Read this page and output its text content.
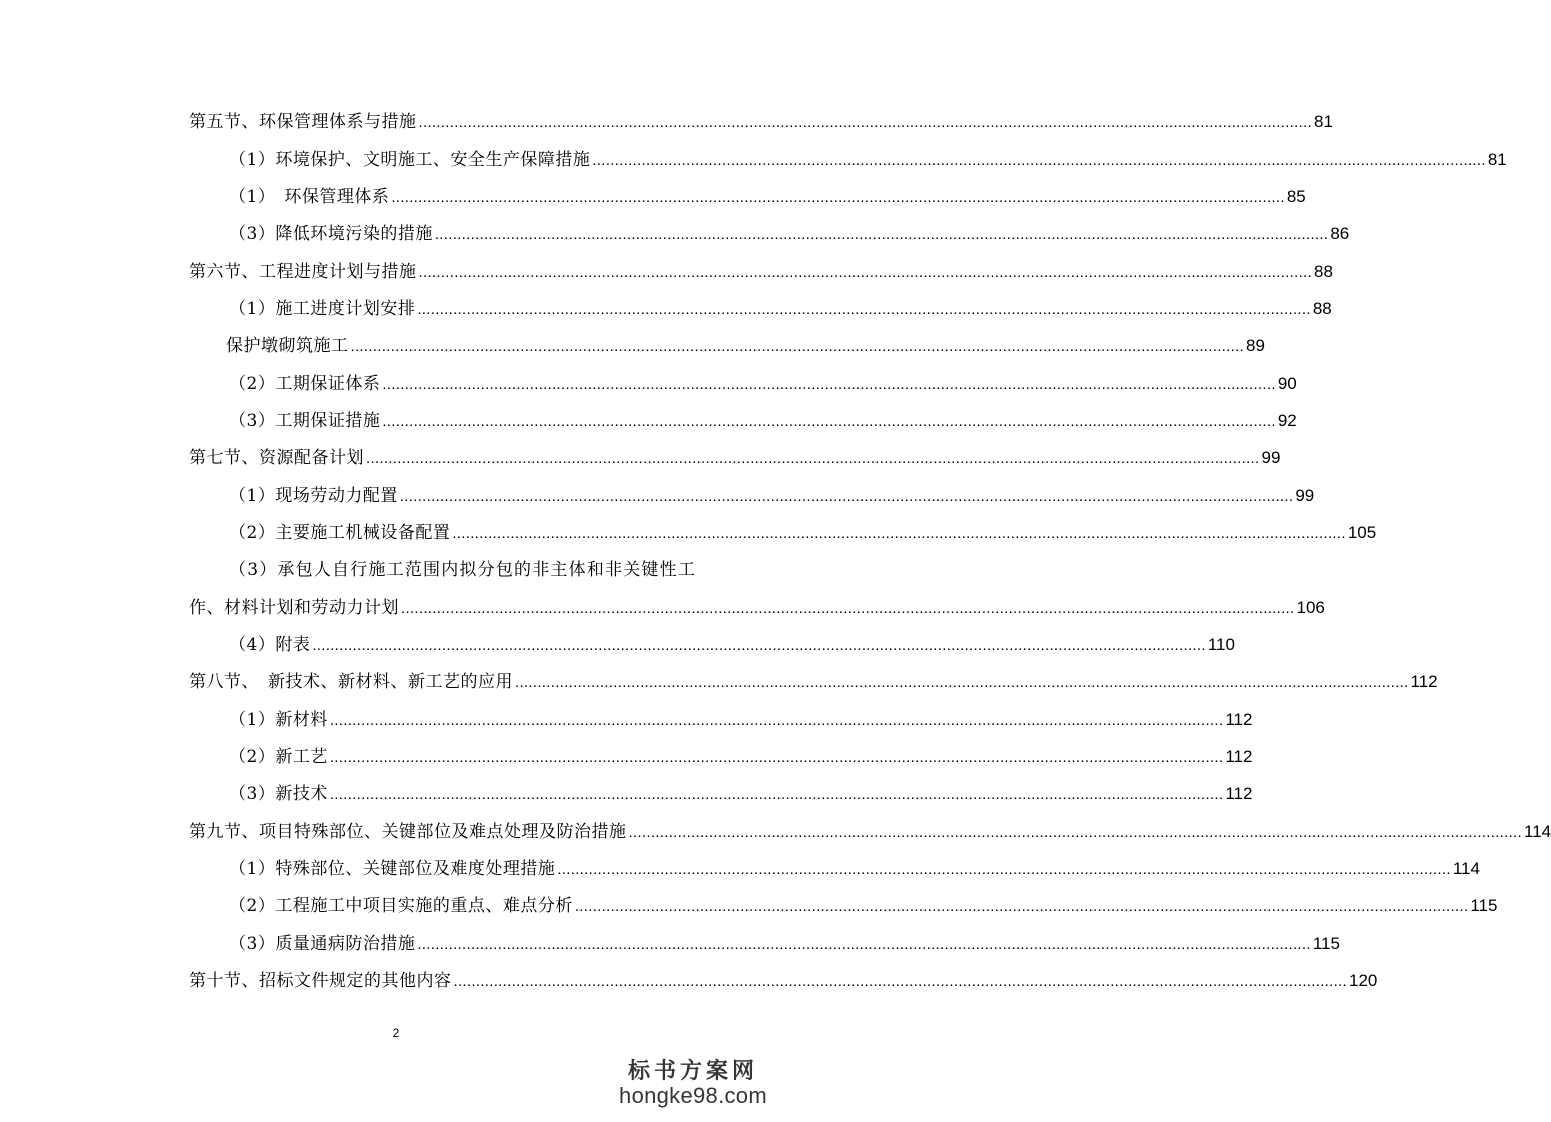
第五节、环保管理体系与措施 ........................................................................................................................................................................................................ 81
（1）环境保护、文明施工、安全生产保障措施 ........................................................................................................................................................................................................ 81
（1）　环保管理体系 ........................................................................................................................................................................................................ 85
（3）降低环境污染的措施 ........................................................................................................................................................................................................ 86
第六节、工程进度计划与措施 ........................................................................................................................................................................................................ 88
（1）施工进度计划安排 ........................................................................................................................................................................................................ 88
保护墩砌筑施工 ........................................................................................................................................................................................................ 89
（2）工期保证体系 ........................................................................................................................................................................................................ 90
（3）工期保证措施 ........................................................................................................................................................................................................ 92
第七节、资源配备计划 ........................................................................................................................................................................................................ 99
（1）现场劳动力配置 ........................................................................................................................................................................................................ 99
（2）主要施工机械设备配置 ........................................................................................................................................................................................................ 105
（3）承包人自行施工范围内拟分包的非主体和非关键性工
作、材料计划和劳动力计划 ........................................................................................................................................................................................................ 106
（4）附表 ........................................................................................................................................................................................................ 110
第八节、　新技术、新材料、新工艺的应用 ........................................................................................................................................................................................................ 112
（1）新材料 ........................................................................................................................................................................................................ 112
（2）新工艺 ........................................................................................................................................................................................................ 112
（3）新技术 ........................................................................................................................................................................................................ 112
第九节、项目特殊部位、关键部位及难点处理及防治措施 ........................................................................................................................................................................................................ 114
（1）特殊部位、关键部位及难度处理措施 ........................................................................................................................................................................................................ 114
（2）工程施工中项目实施的重点、难点分析 ........................................................................................................................................................................................................ 115
（3）质量通病防治措施 ........................................................................................................................................................................................................ 115
第十节、招标文件规定的其他内容 ........................................................................................................................................................................................................ 120
2
标书方案网
hongke98.com
